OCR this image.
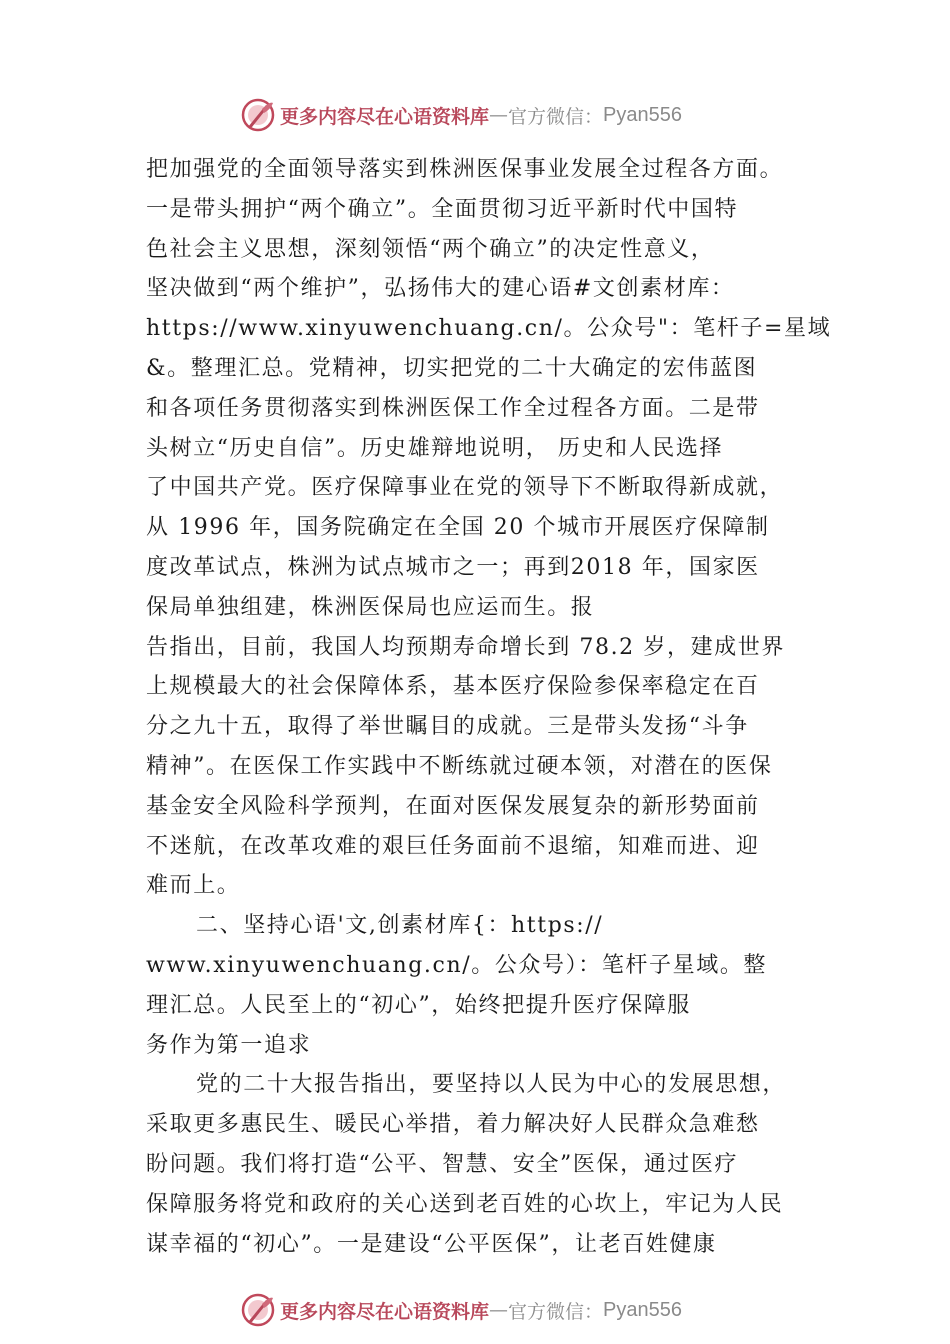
更多内容尽在心语资料库 — 官方微信： Pyan556
把加强党的全面领导落实到株洲医保事业发展全过程各方面。
一是带头拥护“两个确立”。全面贯彻习近平新时代中国特
色社会主义思想，深刻领悟“两个确立”的决定性意义，
坚决做到“两个维护”，弘扬伟大的建心语#文创素材库：
https://www.xinyuwenchuang.cn/。公众号"：笔杆子=星域
&。整理汇总。党精神，切实把党的二十大确定的宏伟蓝图
和各项任务贯彻落实到株洲医保工作全过程各方面。二是带
头树立“历史自信”。历史雄辩地说明， 历史和人民选择
了中国共产党。医疗保障事业在党的领导下不断取得新成就，
从 1996 年，国务院确定在全国 20 个城市开展医疗保障制
度改革试点，株洲为试点城市之一；再到2018 年，国家医
保局单独组建，株洲医保局也应运而生。报
告指出，目前，我国人均预期寿命增长到 78.2 岁，建成世界
上规模最大的社会保障体系，基本医疗保险参保率稳定在百
分之九十五，取得了举世瞩目的成就。三是带头发扬“斗争
精神”。在医保工作实践中不断练就过硬本领，对潜在的医保
基金安全风险科学预判，在面对医保发展复杂的新形势面前
不迷航，在改革攻难的艰巨任务面前不退缩，知难而进、迎
难而上。
二、坚持心语'文,创素材库{：https://
www.xinyuwenchuang.cn/。公众号）：笔杆子星域。整
理汇总。人民至上的“初心”，始终把提升医疗保障服
务作为第一追求
党的二十大报告指出，要坚持以人民为中心的发展思想，
采取更多惠民生、暖民心举措，着力解决好人民群众急难愁
盼问题。我们将打造“公平、智慧、安全”医保，通过医疗
保障服务将党和政府的关心送到老百姓的心坎上，牢记为人民
谋幸福的“初心”。一是建设“公平医保”，让老百姓健康
更多内容尽在心语资料库 — 官方微信： Pyan556
